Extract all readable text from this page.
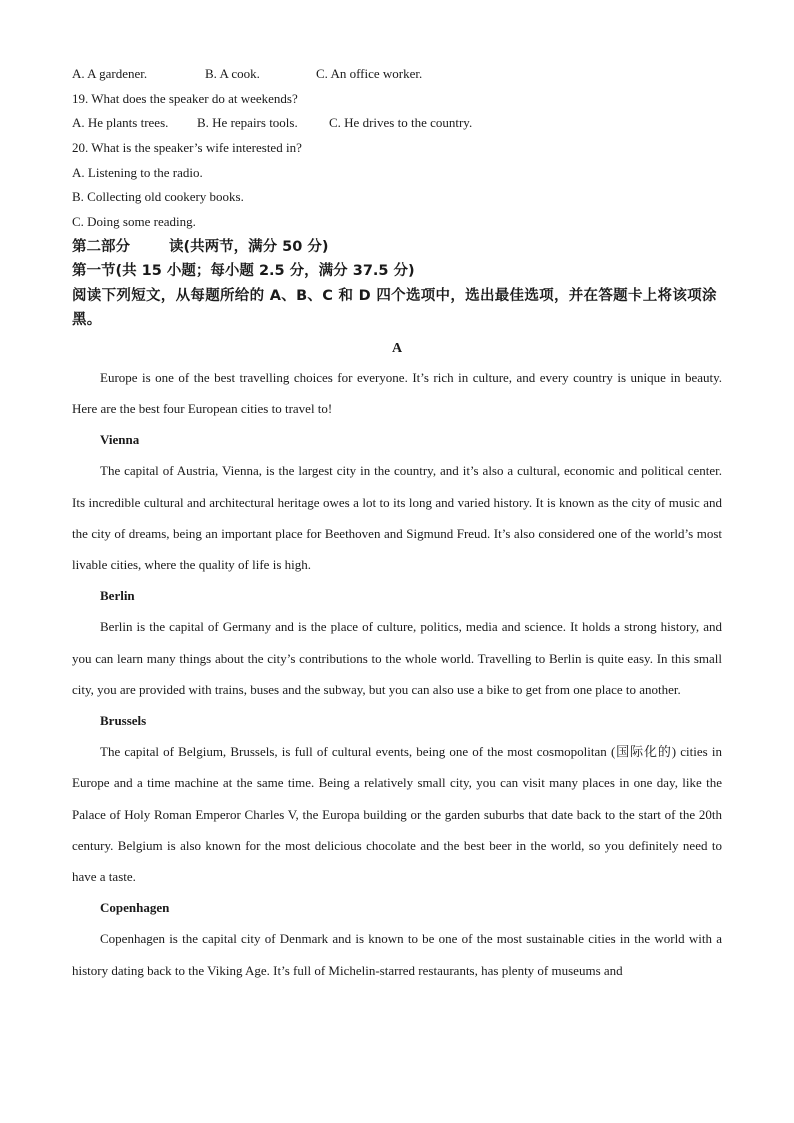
A. A gardener.	B. A cook.	C. An office worker.
19. What does the speaker do at weekends?
A. He plants trees.	B. He repairs tools.	C. He drives to the country.
20. What is the speaker’s wife interested in?
A. Listening to the radio.
B. Collecting old cookery books.
C. Doing some reading.
第二部分	读(共两节，满分 50 分)
第一节(共 15 小题；每小题 2.5 分，满分 37.5 分)
阅读下列短文，从每题所给的 A、B、C 和 D 四个选项中，选出最佳选项，并在答题卡上将该项涂黑。
A

Europe is one of the best travelling choices for everyone. It’s rich in culture, and every country is unique in beauty. Here are the best four European cities to travel to!

Vienna

The capital of Austria, Vienna, is the largest city in the country, and it’s also a cultural, economic and political center. Its incredible cultural and architectural heritage owes a lot to its long and varied history. It is known as the city of music and the city of dreams, being an important place for Beethoven and Sigmund Freud. It’s also considered one of the world’s most livable cities, where the quality of life is high.

Berlin

Berlin is the capital of Germany and is the place of culture, politics, media and science. It holds a strong history, and you can learn many things about the city’s contributions to the whole world. Travelling to Berlin is quite easy. In this small city, you are provided with trains, buses and the subway, but you can also use a bike to get from one place to another.

Brussels

The capital of Belgium, Brussels, is full of cultural events, being one of the most cosmopolitan (国际化的) cities in Europe and a time machine at the same time. Being a relatively small city, you can visit many places in one day, like the Palace of Holy Roman Emperor Charles V, the Europa building or the garden suburbs that date back to the start of the 20th century. Belgium is also known for the most delicious chocolate and the best beer in the world, so you definitely need to have a taste.

Copenhagen

Copenhagen is the capital city of Denmark and is known to be one of the most sustainable cities in the world with a history dating back to the Viking Age. It’s full of Michelin-starred restaurants, has plenty of museums and
